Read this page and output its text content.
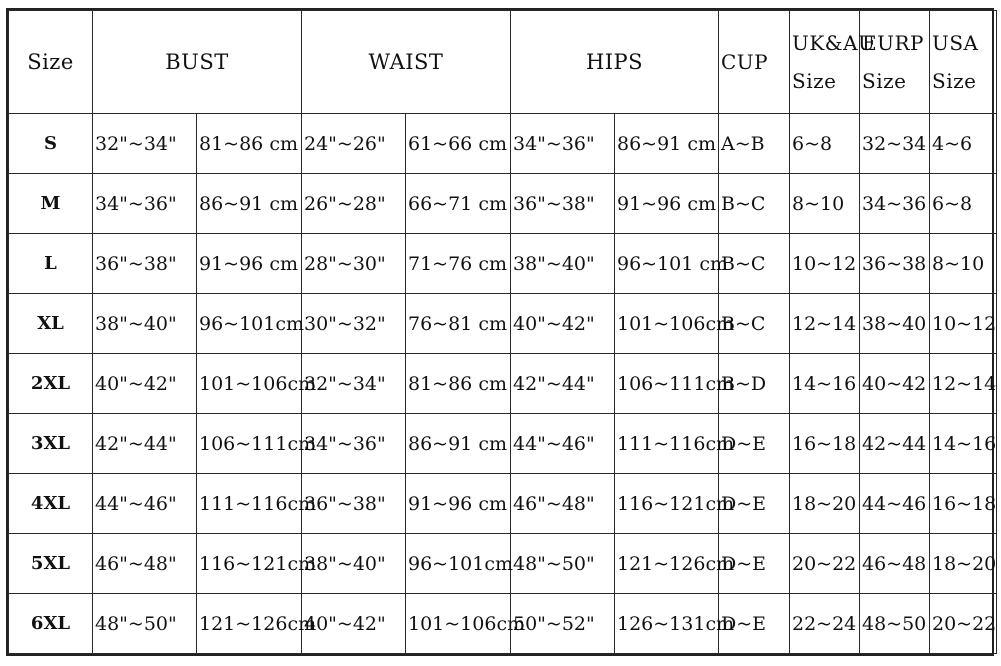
Size	BUST		WAIST		HIPS		CUP	UK&AU Size	EURP Size	USA Size
S	32"~34"	81~86 cm	24"~26"	61~66 cm	34"~36"	86~91 cm	A~B	6~8	32~34	4~6
M	34"~36"	86~91 cm	26"~28"	66~71 cm	36"~38"	91~96 cm	B~C	8~10	34~36	6~8
L	36"~38"	91~96 cm	28"~30"	71~76 cm	38"~40"	96~101 cm	B~C	10~12	36~38	8~10
XL	38"~40"	96~101cm	30"~32"	76~81 cm	40"~42"	101~106cm	B~C	12~14	38~40	10~12
2XL	40"~42"	101~106cm	32"~34"	81~86 cm	42"~44"	106~111cm	B~D	14~16	40~42	12~14
3XL	42"~44"	106~111cm	34"~36"	86~91 cm	44"~46"	111~116cm	D~E	16~18	42~44	14~16
4XL	44"~46"	111~116cm	36"~38"	91~96 cm	46"~48"	116~121cm	D~E	18~20	44~46	16~18
5XL	46"~48"	116~121cm	38"~40"	96~101cm	48"~50"	121~126cm	D~E	20~22	46~48	18~20
6XL	48"~50"	121~126cm	40"~42"	101~106cm	50"~52"	126~131cm	D~E	22~24	48~50	20~22
